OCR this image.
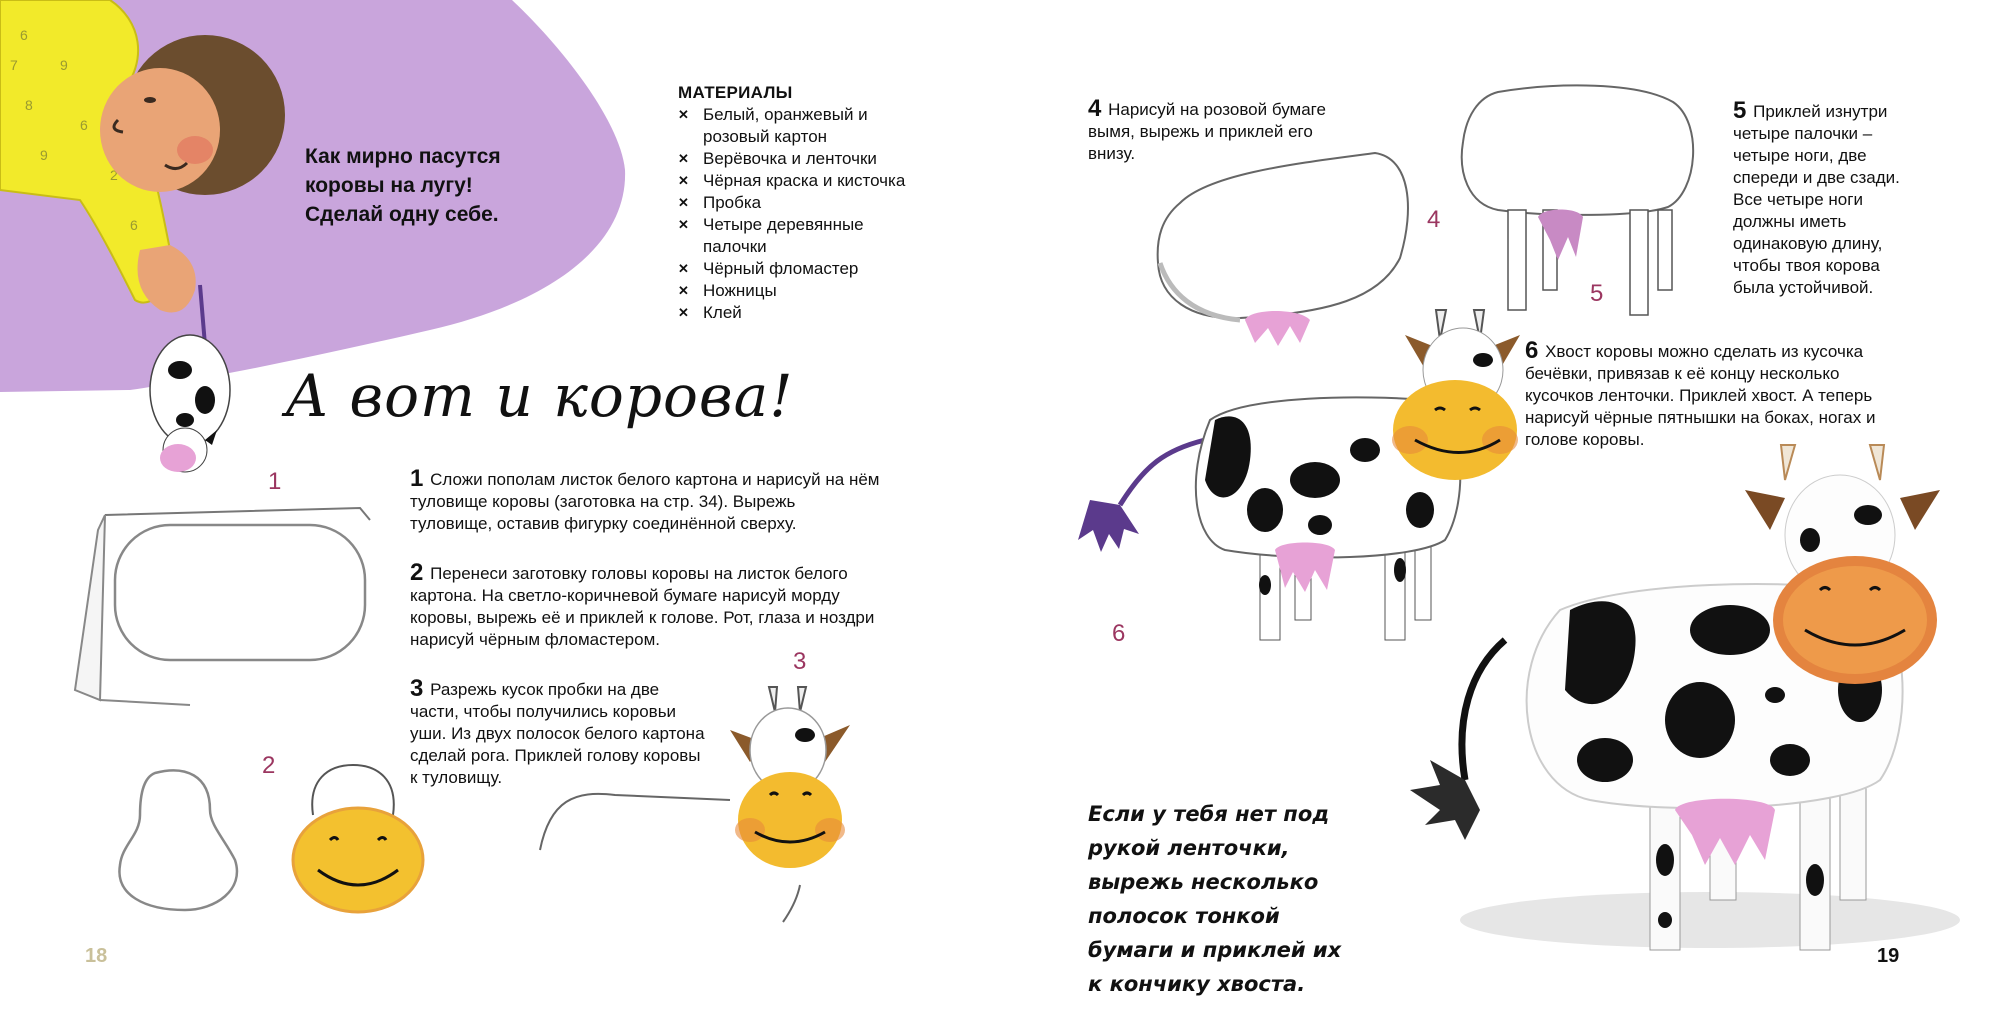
6
9
8
6
9
2
6
7
Как мирно пасутся
коровы на лугу!
Сделай одну себе.
МАТЕРИАЛЫ
✕ Белый, оранжевый и розовый картон
✕ Верёвочка и ленточки
✕ Чёрная краска и кисточка
✕ Пробка
✕ Четыре деревянные палочки
✕ Чёрный фломастер
✕ Ножницы
✕ Клей
А вот и корова!
1
2
3
1 Сложи пополам листок белого картона и нарисуй на нём туловище коровы (заготовка на стр. 34). Вырежь туловище, оставив фигурку соединённой сверху.
2 Перенеси заготовку головы коровы на листок белого картона. На светло-коричневой бумаге нарисуй морду коровы, вырежь её и приклей к голове. Рот, глаза и ноздри нарисуй чёрным фломастером.
3 Разрежь кусок пробки на две части, чтобы получились коровьи уши. Из двух полосок белого картона сделай рога. Приклей голову коровы к туловищу.
18
4 Нарисуй на розовой бумаге вымя, вырежь и приклей его внизу.
4
5
5 Приклей изнутри четыре палочки – четыре ноги, две спереди и две сзади. Все четыре ноги должны иметь одинаковую длину, чтобы твоя корова была устойчивой.
6
6 Хвост коровы можно сделать из кусочка бечёвки, привязав к её концу несколько кусочков ленточки. Приклей хвост. А теперь нарисуй чёрные пятнышки на боках, ногах и голове коровы.
Если у тебя нет под рукой ленточки, вырежь несколько полосок тонкой бумаги и приклей их к кончику хвоста.
19
